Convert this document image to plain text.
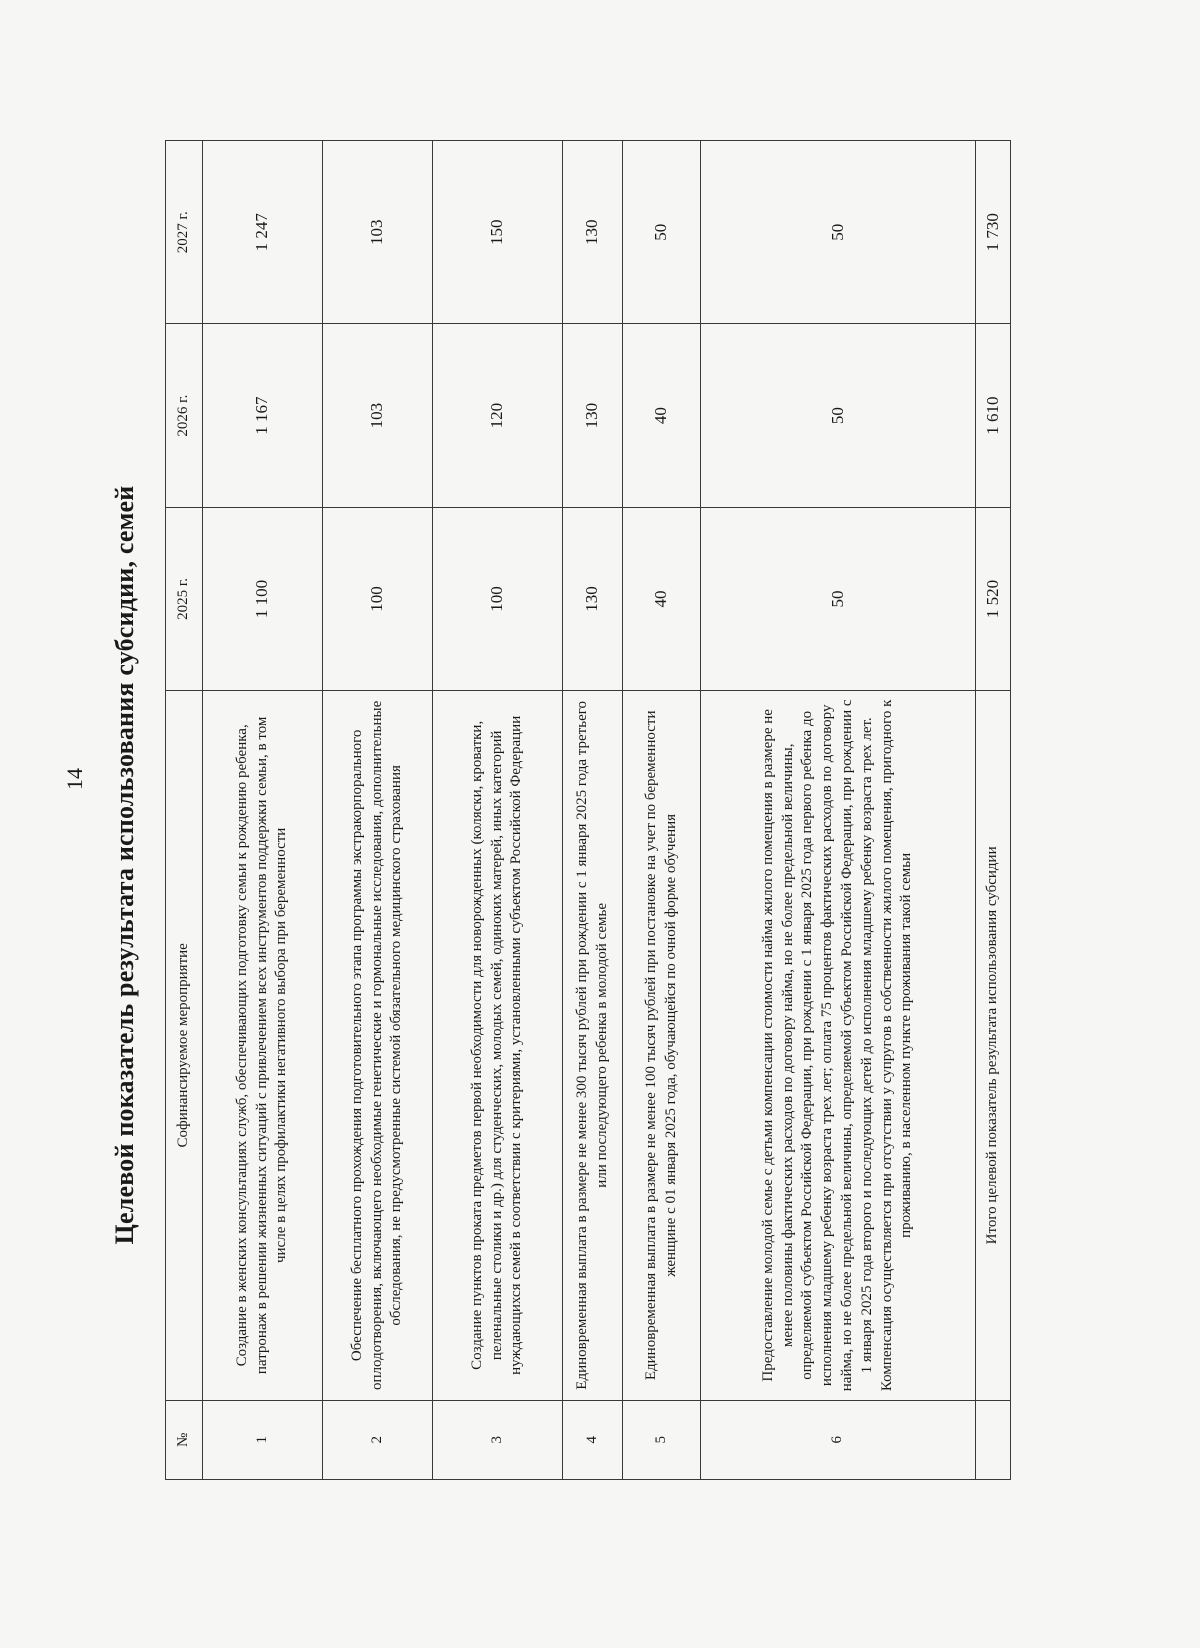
14 Целевой показатель результата использования субсидии, семей
№	Софинансируемое мероприятие	2025 г.	2026 г.	2027 г.
1	Создание в женских консультациях служб, обеспечивающих подготовку семьи к рождению ребенка, патронаж в решении жизненных ситуаций с привлечением всех инструментов поддержки семьи, в том числе в целях профилактики негативного выбора при беременности	1 100	1 167	1 247
2	Обеспечение бесплатного прохождения подготовительного этапа программы экстракорпорального оплодотворения, включающего необходимые генетические и гормональные исследования, дополнительные обследования, не предусмотренные системой обязательного медицинского страхования	100	103	103
3	Создание пунктов проката предметов первой необходимости для новорожденных (коляски, кроватки, пеленальные столики и др.) для студенческих, молодых семей, одиноких матерей, иных категорий нуждающихся семей в соответствии с критериями, установленными субъектом Российской Федерации	100	120	150
4	Единовременная выплата в размере не менее 300 тысяч рублей при рождении с 1 января 2025 года третьего или последующего ребенка в молодой семье	130	130	130
5	Единовременная выплата в размере не менее 100 тысяч рублей при постановке на учет по беременности женщине с 01 января 2025 года, обучающейся по очной форме обучения	40	40	50
6	Предоставление молодой семье с детьми компенсации стоимости найма жилого помещения в размере не менее половины фактических расходов по договору найма, но не более предельной величины, определяемой субъектом Российской Федерации, при рождении с 1 января 2025 года первого ребенка до исполнения младшему ребенку возраста трех лет; оплата 75 процентов фактических расходов по договору найма, но не более предельной величины, определяемой субъектом Российской Федерации, при рождении с 1 января 2025 года второго и последующих детей до исполнения младшему ребенку возраста трех лет. Компенсация осуществляется при отсутствии у супругов в собственности жилого помещения, пригодного к проживанию, в населенном пункте проживания такой семьи	50	50	50
	Итого целевой показатель результата использования субсидии	1 520	1 610	1 730
